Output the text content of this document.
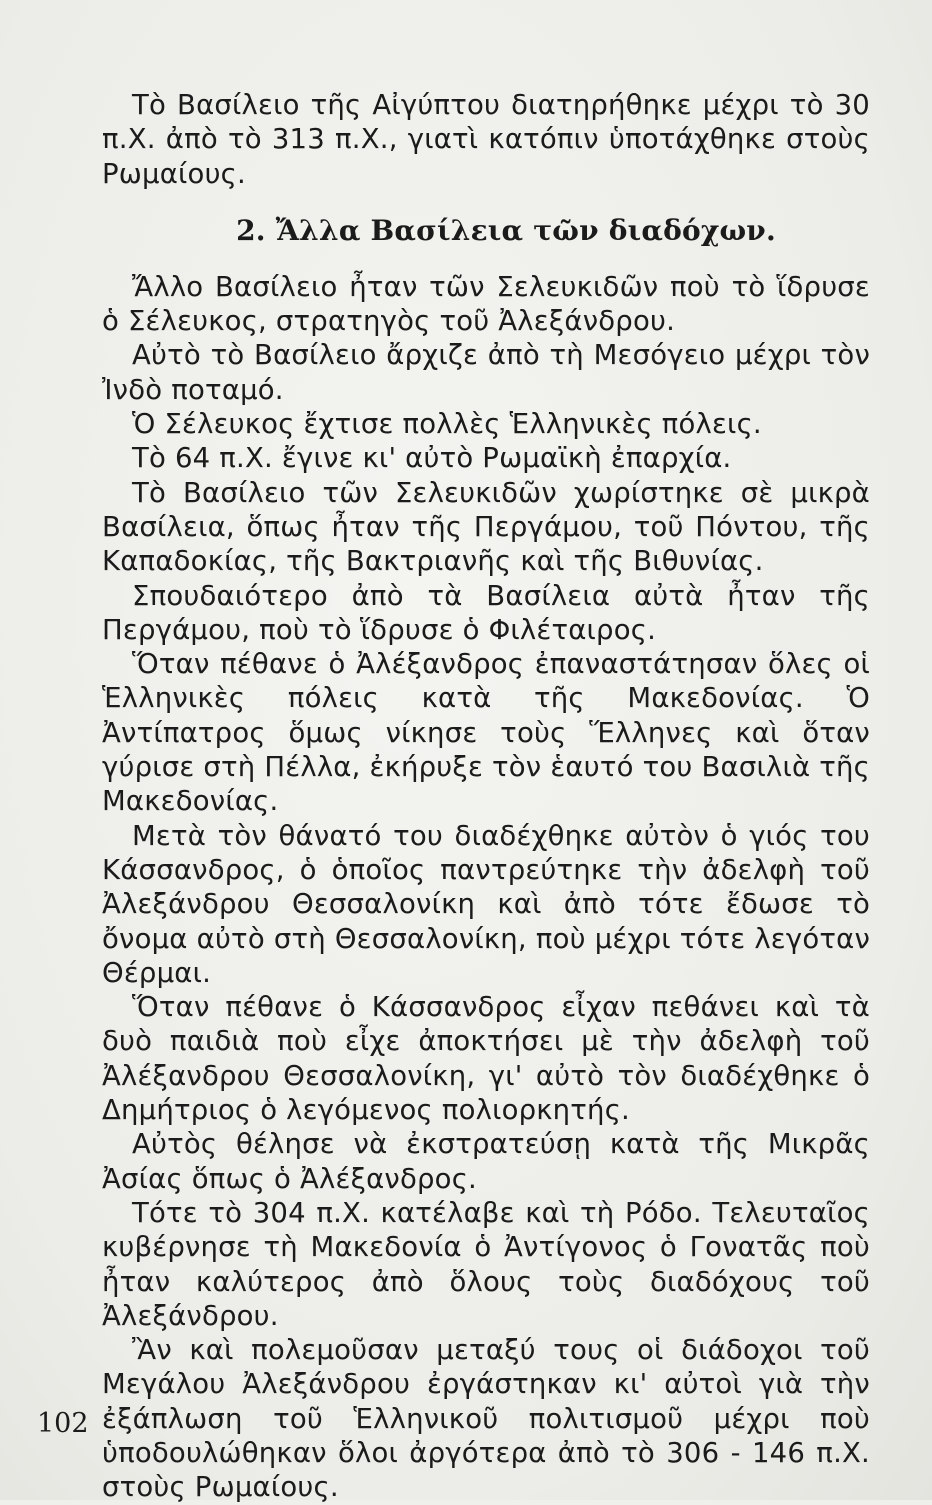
Τὸ Βασίλειο τῆς Αἰγύπτου διατηρήθηκε μέχρι τὸ 30 π.Χ. ἀπὸ τὸ 313 π.Χ., γιατὶ κατόπιν ὑποτάχθηκε στοὺς Ρωμαίους.

2. Ἄλλα Βασίλεια τῶν διαδόχων.

Ἄλλο Βασίλειο ἦταν τῶν Σελευκιδῶν ποὺ τὸ ἵδρυσε ὁ Σέλευκος, στρατηγὸς τοῦ Ἀλεξάνδρου.

Αὐτὸ τὸ Βασίλειο ἄρχιζε ἀπὸ τὴ Μεσόγειο μέχρι τὸν Ἰνδὸ ποταμό.

Ὁ Σέλευκος ἔχτισε πολλὲς Ἑλληνικὲς πόλεις.

Τὸ 64 π.Χ. ἔγινε κι' αὐτὸ Ρωμαϊκὴ ἐπαρχία.

Τὸ Βασίλειο τῶν Σελευκιδῶν χωρίστηκε σὲ μικρὰ Βασίλεια, ὅπως ἦταν τῆς Περγάμου, τοῦ Πόντου, τῆς Καπαδοκίας, τῆς Βακτριανῆς καὶ τῆς Βιθυνίας.

Σπουδαιότερο ἀπὸ τὰ Βασίλεια αὐτὰ ἦταν τῆς Περγάμου, ποὺ τὸ ἵδρυσε ὁ Φιλέταιρος.

Ὅταν πέθανε ὁ Ἀλέξανδρος ἐπαναστάτησαν ὅλες οἱ Ἑλληνικὲς πόλεις κατὰ τῆς Μακεδονίας. Ὁ Ἀντίπατρος ὅμως νίκησε τοὺς Ἕλληνες καὶ ὅταν γύρισε στὴ Πέλλα, ἐκήρυξε τὸν ἑαυτό του Βασιλιὰ τῆς Μακεδονίας.

Μετὰ τὸν θάνατό του διαδέχθηκε αὐτὸν ὁ γιός του Κάσσανδρος, ὁ ὁποῖος παντρεύτηκε τὴν ἀδελφὴ τοῦ Ἀλεξάνδρου Θεσσαλονίκη καὶ ἀπὸ τότε ἔδωσε τὸ ὄνομα αὐτὸ στὴ Θεσσαλονίκη, ποὺ μέχρι τότε λεγόταν Θέρμαι.

Ὅταν πέθανε ὁ Κάσσανδρος εἶχαν πεθάνει καὶ τὰ δυὸ παιδιὰ ποὺ εἶχε ἀποκτήσει μὲ τὴν ἀδελφὴ τοῦ Ἀλέξανδρου Θεσσαλονίκη, γι' αὐτὸ τὸν διαδέχθηκε ὁ Δημήτριος ὁ λεγόμενος πολιορκητής.

Αὐτὸς θέλησε νὰ ἐκστρατεύσῃ κατὰ τῆς Μικρᾶς Ἀσίας ὅπως ὁ Ἀλέξανδρος.

Τότε τὸ 304 π.Χ. κατέλαβε καὶ τὴ Ρόδο. Τελευταῖος κυβέρνησε τὴ Μακεδονία ὁ Ἀντίγονος ὁ Γονατᾶς ποὺ ἦταν καλύτερος ἀπὸ ὅλους τοὺς διαδόχους τοῦ Ἀλεξάνδρου.

Ἂν καὶ πολεμοῦσαν μεταξύ τους οἱ διάδοχοι τοῦ Μεγάλου Ἀλεξάνδρου ἐργάστηκαν κι' αὐτοὶ γιὰ τὴν ἐξάπλωση τοῦ Ἑλληνικοῦ πολιτισμοῦ μέχρι ποὺ ὑποδουλώθηκαν ὅλοι ἀργότερα ἀπὸ τὸ 306 - 146 π.Χ. στοὺς Ρωμαίους.

102
